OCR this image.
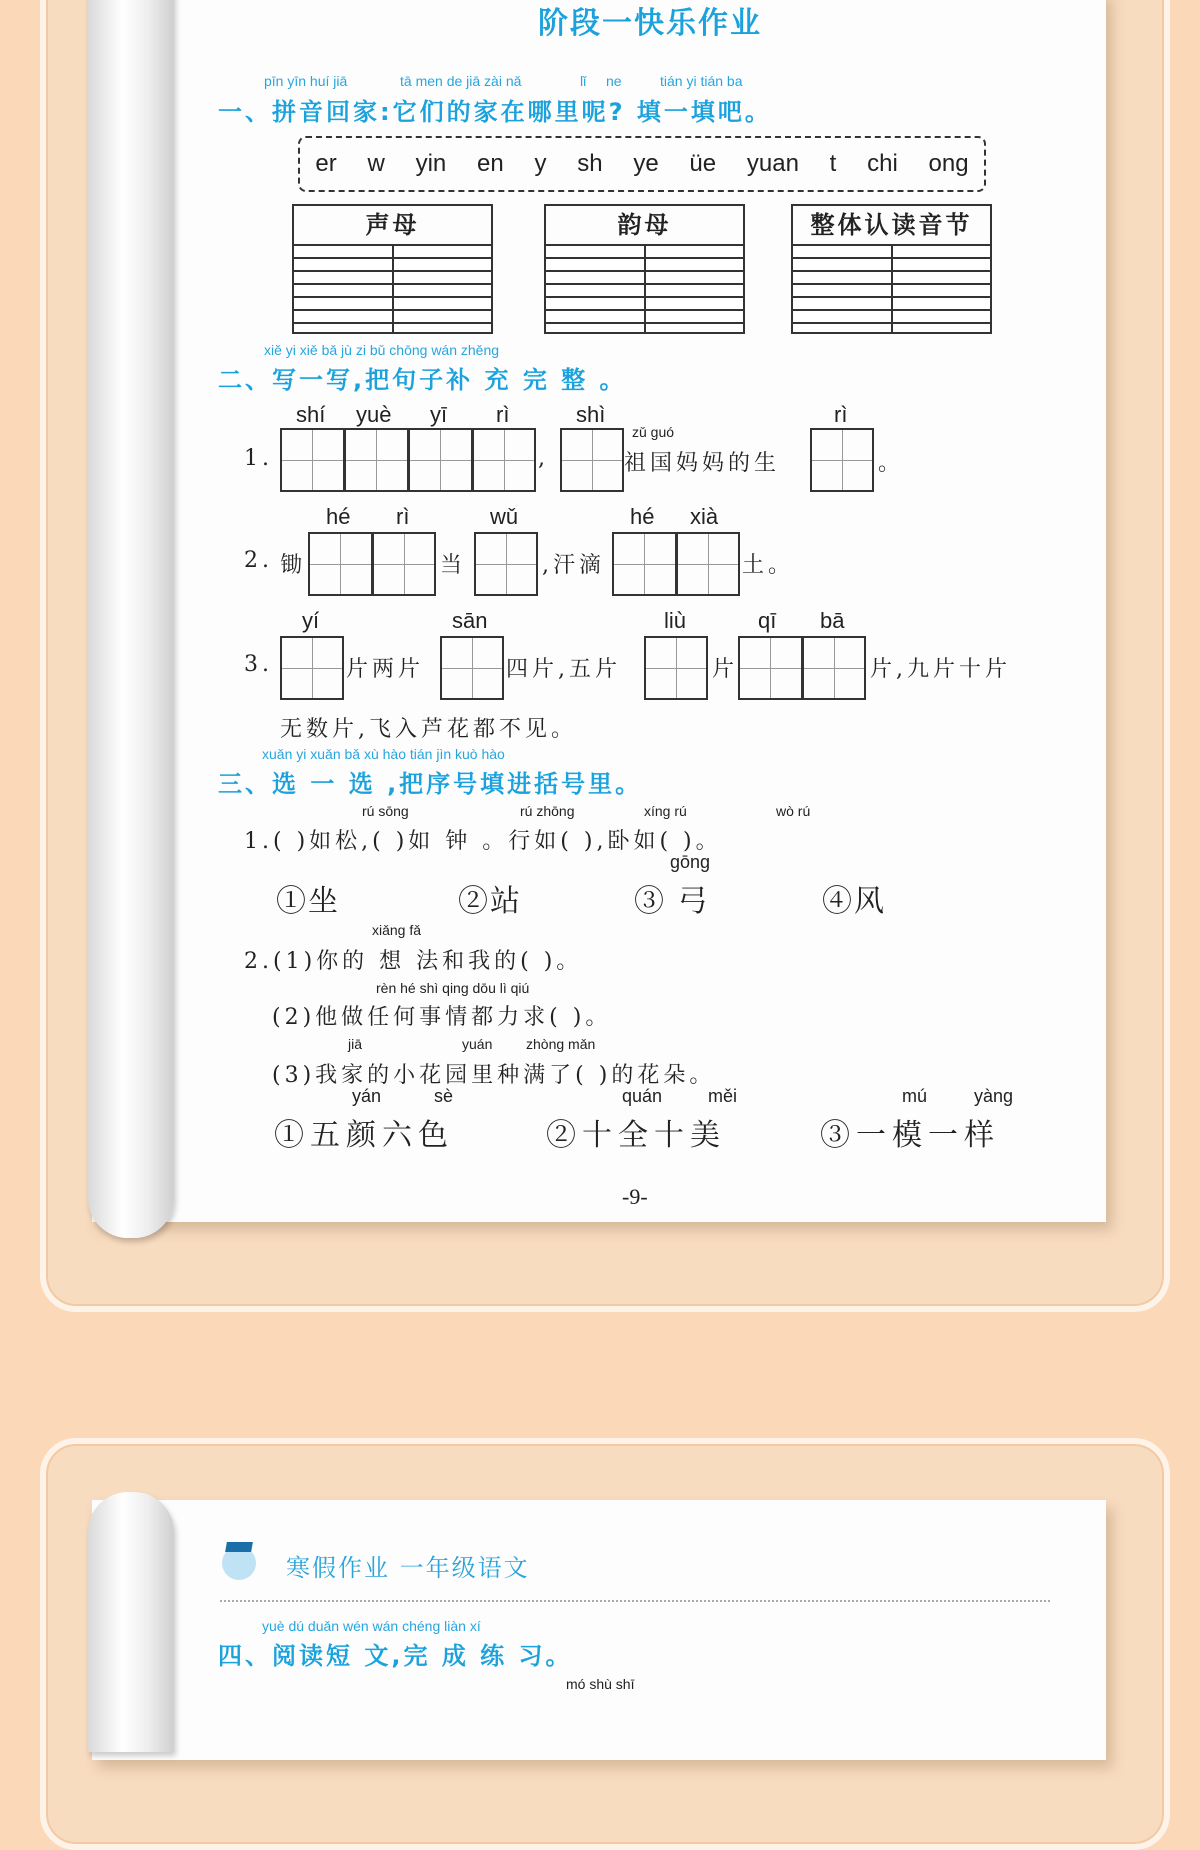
阶段一快乐作业
pīn yīn huí jiā	tā men de jiā zài nǎ	lǐ ne	tián yi tián ba
一、拼音回家:它们的家在哪里呢? 填一填吧。
er w yin en y sh ye üe yuan t chi ong
声母	韵母	整体认读音节
xiě yi xiě bǎ jù zi bǔ chōng wán zhěng
二、写一写,把句子补 充 完 整 。
shí yuè yī rì	shì	rì
1.	,
zǔ guó
祖国妈妈的生	。
hé rì	wǔ	hé xià
2. 锄	当	,汗滴	土。
yí	sān	liù	qī bā
3.	片两片	四片,五片	片	片,九片十片
无数片,飞入芦花都不见。
xuǎn yi xuǎn bǎ xù hào tián jìn kuò hào
三、选 一 选 ,把序号填进括号里。
rú sōng	rú zhōng	xíng rú	wò rú
1.( )如松,( )如 钟 。行如( ),卧如( )。
gōng
①坐	②站	③ 弓	④风
xiǎng fǎ
2.(1)你的 想 法和我的( )。
rèn hé shì qing dōu lì qiú
(2)他做任何事情都力求( )。
jiā	yuán zhòng mǎn
(3)我家的小花园里种满了( )的花朵。
yán	sè	quán	měi	mú	yàng
①五颜六色	②十全十美	③一模一样
-9-
寒假作业 一年级语文
yuè dú duǎn wén wán chéng liàn xí
四、阅读短 文,完 成 练 习。
mó shù shī
